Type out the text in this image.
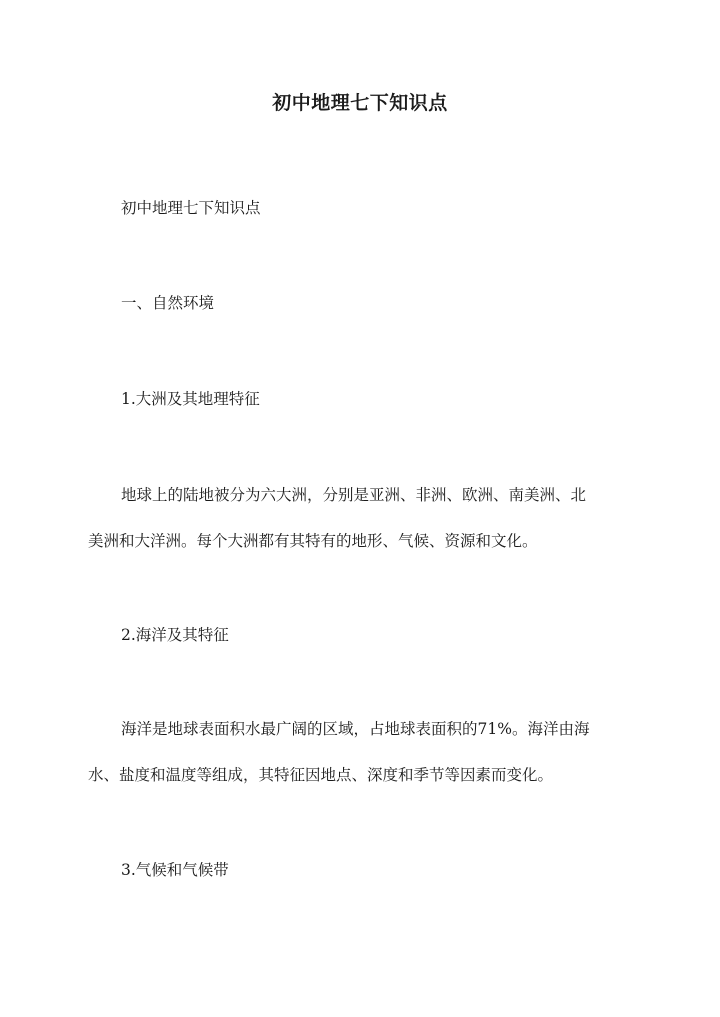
初中地理七下知识点
初中地理七下知识点
一、自然环境
1.大洲及其地理特征
地球上的陆地被分为六大洲，分别是亚洲、非洲、欧洲、南美洲、北
美洲和大洋洲。每个大洲都有其特有的地形、气候、资源和文化。
2.海洋及其特征
海洋是地球表面积水最广阔的区域，占地球表面积的71%。海洋由海
水、盐度和温度等组成，其特征因地点、深度和季节等因素而变化。
3.气候和气候带
